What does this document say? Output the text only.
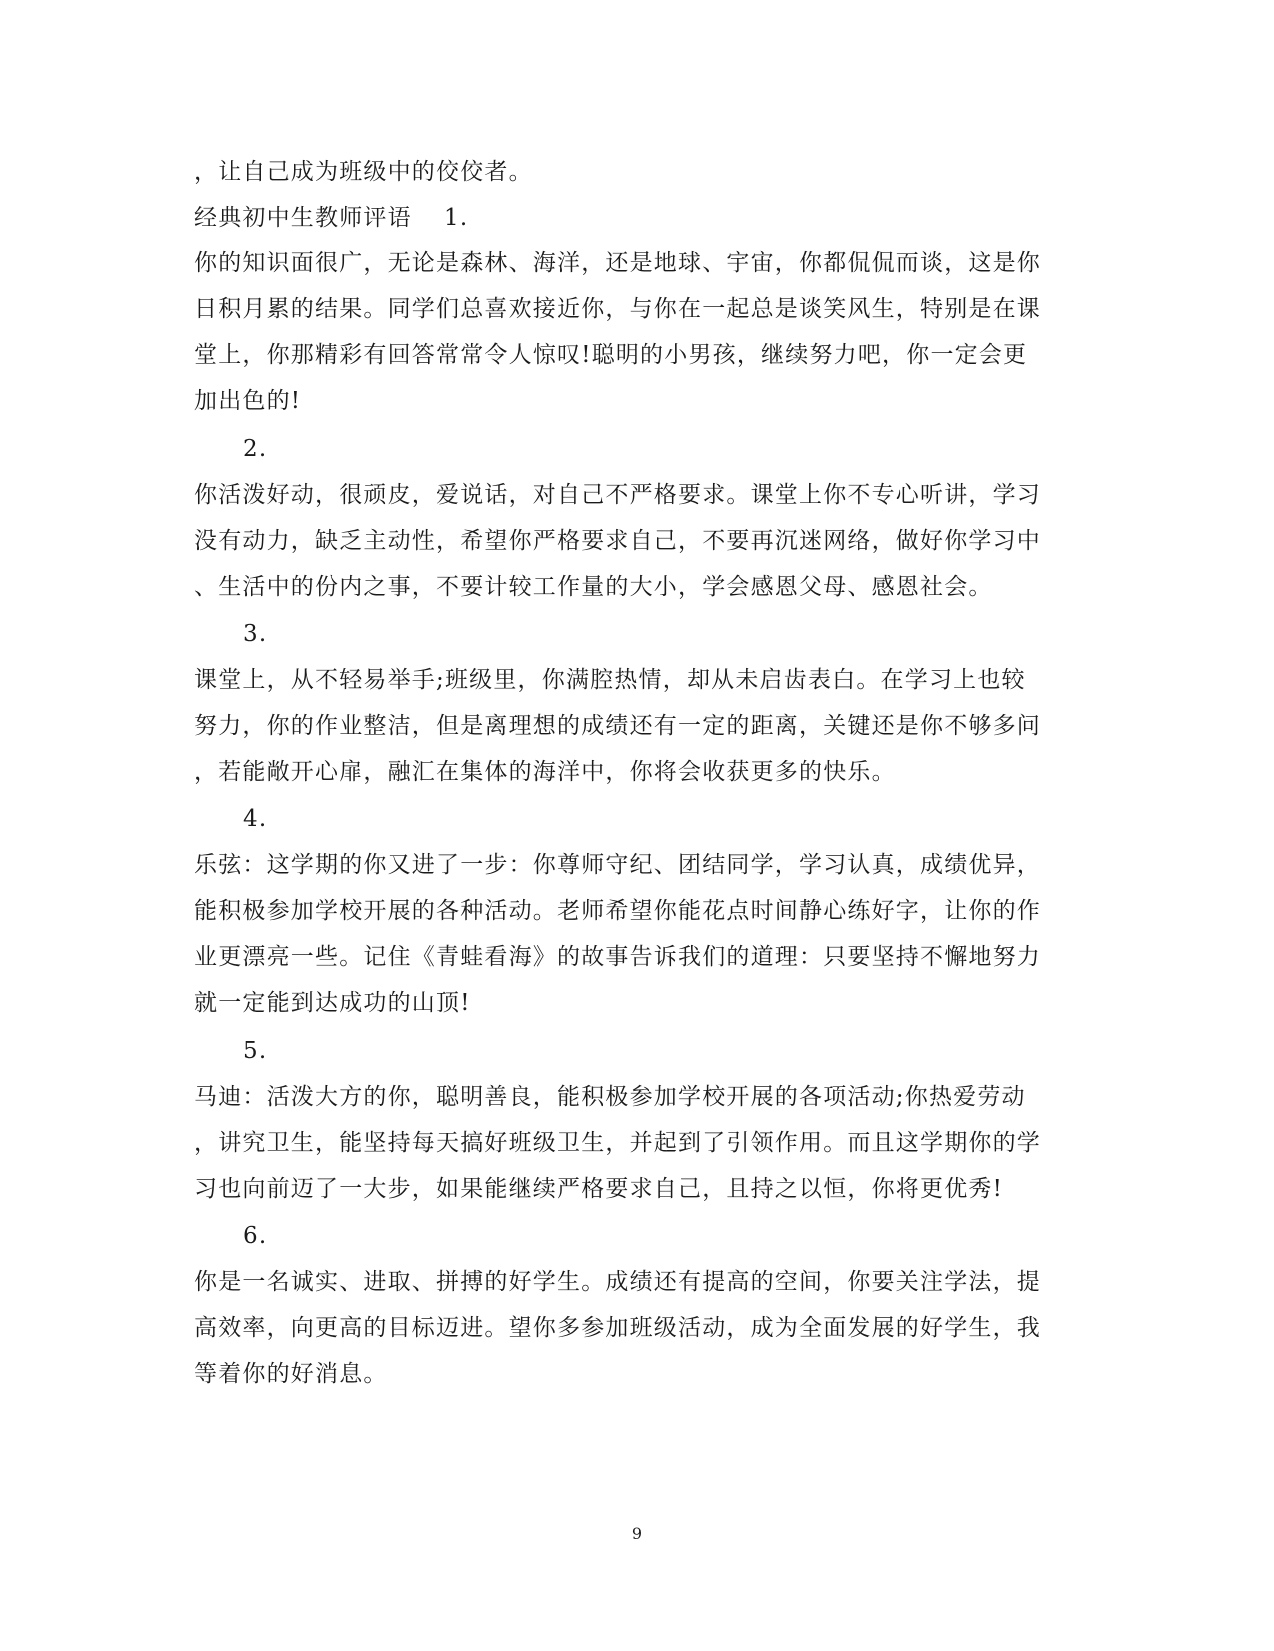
，让自己成为班级中的佼佼者。
经典初中生教师评语 1.
你的知识面很广，无论是森林、海洋，还是地球、宇宙，你都侃侃而谈，这是你
日积月累的结果。同学们总喜欢接近你，与你在一起总是谈笑风生，特别是在课
堂上，你那精彩有回答常常令人惊叹!聪明的小男孩，继续努力吧，你一定会更
加出色的!
2.
你活泼好动，很顽皮，爱说话，对自己不严格要求。课堂上你不专心听讲，学习
没有动力，缺乏主动性，希望你严格要求自己，不要再沉迷网络，做好你学习中
、生活中的份内之事，不要计较工作量的大小，学会感恩父母、感恩社会。
3.
课堂上，从不轻易举手;班级里，你满腔热情，却从未启齿表白。在学习上也较
努力，你的作业整洁，但是离理想的成绩还有一定的距离，关键还是你不够多问
，若能敞开心扉，融汇在集体的海洋中，你将会收获更多的快乐。
4.
乐弦：这学期的你又进了一步：你尊师守纪、团结同学，学习认真，成绩优异，
能积极参加学校开展的各种活动。老师希望你能花点时间静心练好字，让你的作
业更漂亮一些。记住《青蛙看海》的故事告诉我们的道理：只要坚持不懈地努力
就一定能到达成功的山顶!
5.
马迪：活泼大方的你，聪明善良，能积极参加学校开展的各项活动;你热爱劳动
，讲究卫生，能坚持每天搞好班级卫生，并起到了引领作用。而且这学期你的学
习也向前迈了一大步，如果能继续严格要求自己，且持之以恒，你将更优秀!
6.
你是一名诚实、进取、拼搏的好学生。成绩还有提高的空间，你要关注学法，提
高效率，向更高的目标迈进。望你多参加班级活动，成为全面发展的好学生，我
等着你的好消息。
9
